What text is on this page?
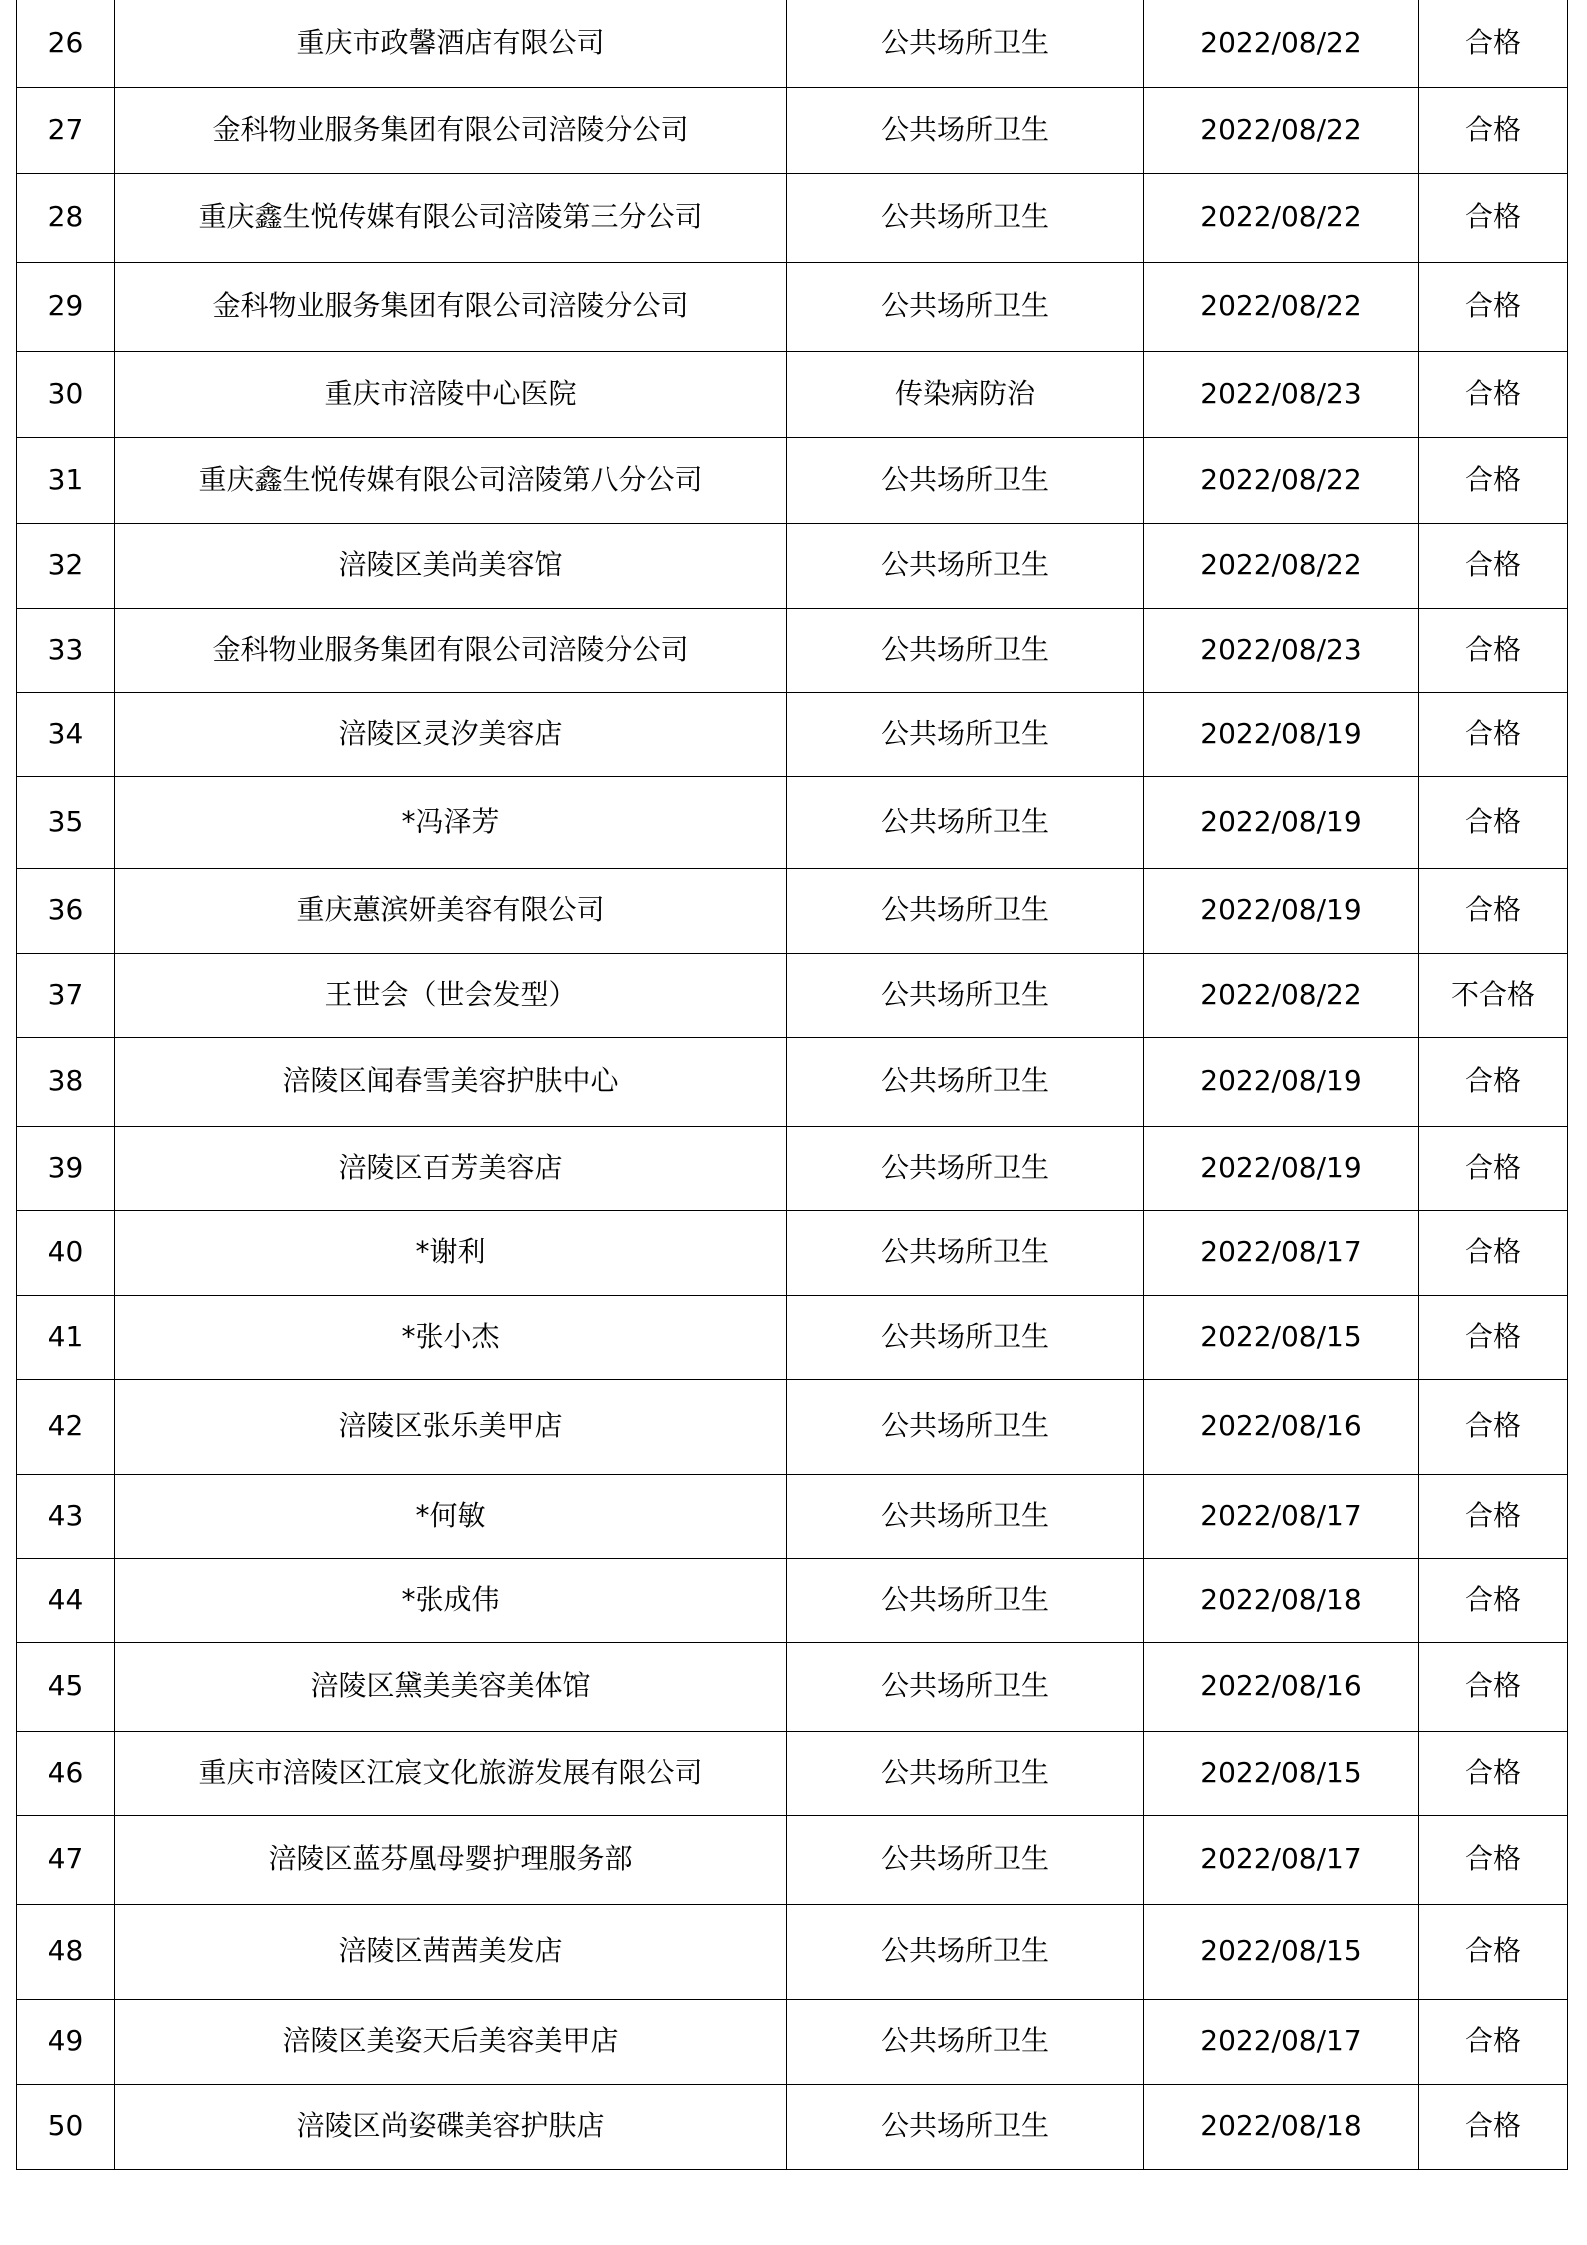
26	重庆市政馨酒店有限公司	公共场所卫生	2022/08/22	合格
27	金科物业服务集团有限公司涪陵分公司	公共场所卫生	2022/08/22	合格
28	重庆鑫生悦传媒有限公司涪陵第三分公司	公共场所卫生	2022/08/22	合格
29	金科物业服务集团有限公司涪陵分公司	公共场所卫生	2022/08/22	合格
30	重庆市涪陵中心医院	传染病防治	2022/08/23	合格
31	重庆鑫生悦传媒有限公司涪陵第八分公司	公共场所卫生	2022/08/22	合格
32	涪陵区美尚美容馆	公共场所卫生	2022/08/22	合格
33	金科物业服务集团有限公司涪陵分公司	公共场所卫生	2022/08/23	合格
34	涪陵区灵汐美容店	公共场所卫生	2022/08/19	合格
35	*冯泽芳	公共场所卫生	2022/08/19	合格
36	重庆蕙滨妍美容有限公司	公共场所卫生	2022/08/19	合格
37	王世会（世会发型）	公共场所卫生	2022/08/22	不合格
38	涪陵区闻春雪美容护肤中心	公共场所卫生	2022/08/19	合格
39	涪陵区百芳美容店	公共场所卫生	2022/08/19	合格
40	*谢利	公共场所卫生	2022/08/17	合格
41	*张小杰	公共场所卫生	2022/08/15	合格
42	涪陵区张乐美甲店	公共场所卫生	2022/08/16	合格
43	*何敏	公共场所卫生	2022/08/17	合格
44	*张成伟	公共场所卫生	2022/08/18	合格
45	涪陵区黛美美容美体馆	公共场所卫生	2022/08/16	合格
46	重庆市涪陵区江宸文化旅游发展有限公司	公共场所卫生	2022/08/15	合格
47	涪陵区蓝芬凰母婴护理服务部	公共场所卫生	2022/08/17	合格
48	涪陵区茜茜美发店	公共场所卫生	2022/08/15	合格
49	涪陵区美姿天后美容美甲店	公共场所卫生	2022/08/17	合格
50	涪陵区尚姿碟美容护肤店	公共场所卫生	2022/08/18	合格
